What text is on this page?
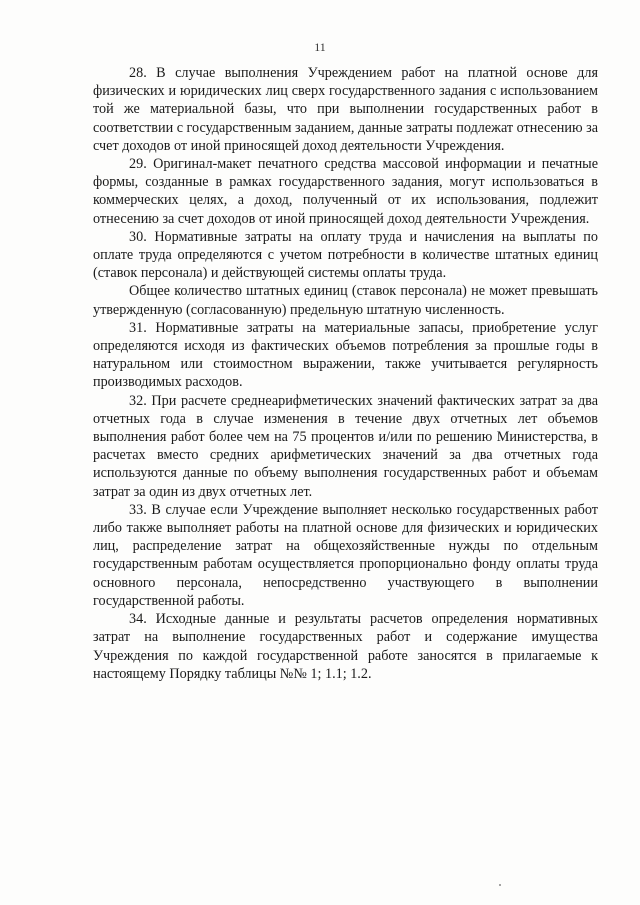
11

28. В случае выполнения Учреждением работ на платной основе для физических и юридических лиц сверх государственного задания с использованием той же материальной базы, что при выполнении государственных работ в соответствии с государственным заданием, данные затраты подлежат отнесению за счет доходов от иной приносящей доход деятельности Учреждения.

29. Оригинал-макет печатного средства массовой информации и печатные формы, созданные в рамках государственного задания, могут использоваться в коммерческих целях, а доход, полученный от их использования, подлежит отнесению за счет доходов от иной приносящей доход деятельности Учреждения.

30. Нормативные затраты на оплату труда и начисления на выплаты по оплате труда определяются с учетом потребности в количестве штатных единиц (ставок персонала) и действующей системы оплаты труда.

Общее количество штатных единиц (ставок персонала) не может превышать утвержденную (согласованную) предельную штатную численность.

31. Нормативные затраты на материальные запасы, приобретение услуг определяются исходя из фактических объемов потребления за прошлые годы в натуральном или стоимостном выражении, также учитывается регулярность производимых расходов.

32. При расчете среднеарифметических значений фактических затрат за два отчетных года в случае изменения в течение двух отчетных лет объемов выполнения работ более чем на 75 процентов и/или по решению Министерства, в расчетах вместо средних арифметических значений за два отчетных года используются данные по объему выполнения государственных работ и объемам затрат за один из двух отчетных лет.

33. В случае если Учреждение выполняет несколько государственных работ либо также выполняет работы на платной основе для физических и юридических лиц, распределение затрат на общехозяйственные нужды по отдельным государственным работам осуществляется пропорционально фонду оплаты труда основного персонала, непосредственно участвующего в выполнении государственной работы.

34. Исходные данные и результаты расчетов определения нормативных затрат на выполнение государственных работ и содержание имущества Учреждения по каждой государственной работе заносятся в прилагаемые к настоящему Порядку таблицы №№ 1; 1.1; 1.2.
